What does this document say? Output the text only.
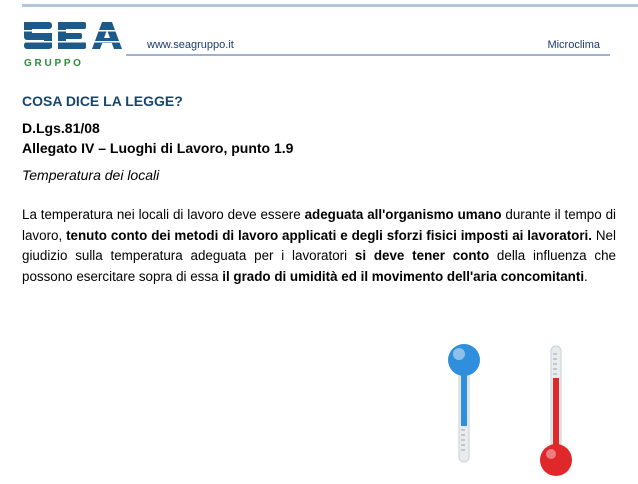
G R U P P O
www.seagruppo.it	Microclima
COSA DICE LA LEGGE?
D.Lgs.81/08
Allegato IV – Luoghi di Lavoro, punto 1.9
Temperatura dei locali
La temperatura nei locali di lavoro deve essere adeguata all'organismo umano durante il tempo di lavoro, tenuto conto dei metodi di lavoro applicati e degli sforzi fisici imposti ai lavoratori. Nel giudizio sulla temperatura adeguata per i lavoratori si deve tener conto della influenza che possono esercitare sopra di essa il grado di umidità ed il movimento dell'aria concomitanti.
